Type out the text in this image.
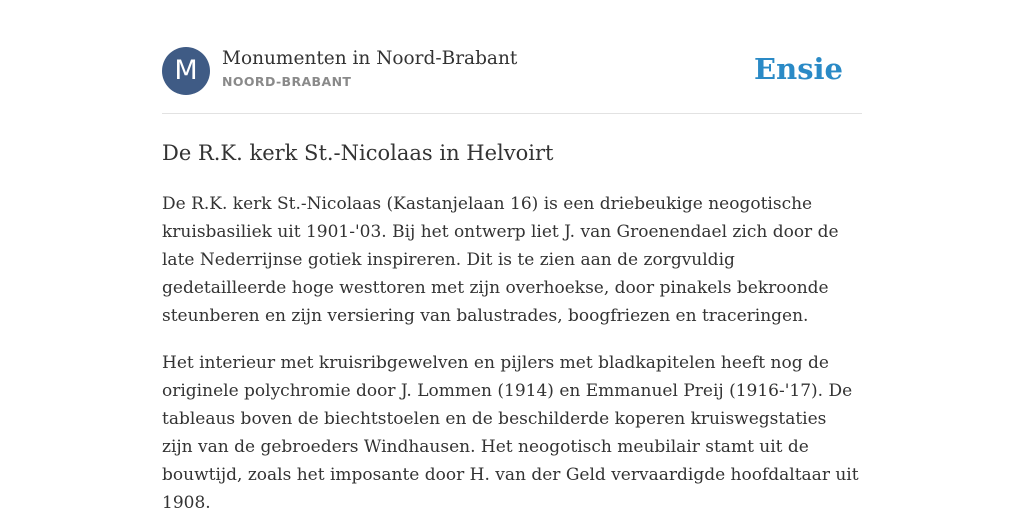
M	Monumenten in Noord-Brabant
NOORD-BRABANT	Ensie
De R.K. kerk St.-Nicolaas in Helvoirt

De R.K. kerk St.-Nicolaas (Kastanjelaan 16) is een driebeukige neogotische kruisbasiliek uit 1901-'03. Bij het ontwerp liet J. van Groenendael zich door de late Nederrijnse gotiek inspireren. Dit is te zien aan de zorgvuldig gedetailleerde hoge westtoren met zijn overhoekse, door pinakels bekroonde steunberen en zijn versiering van balustrades, boogfriezen en traceringen.

Het interieur met kruisribgewelven en pijlers met bladkapitelen heeft nog de originele polychromie door J. Lommen (1914) en Emmanuel Preij (1916-'17). De tableaus boven de biechtstoelen en de beschilderde koperen kruiswegstaties zijn van de gebroeders Windhausen. Het neogotisch meubilair stamt uit de bouwtijd, zoals het imposante door H. van der Geld vervaardigde hoofdaltaar uit 1908.
